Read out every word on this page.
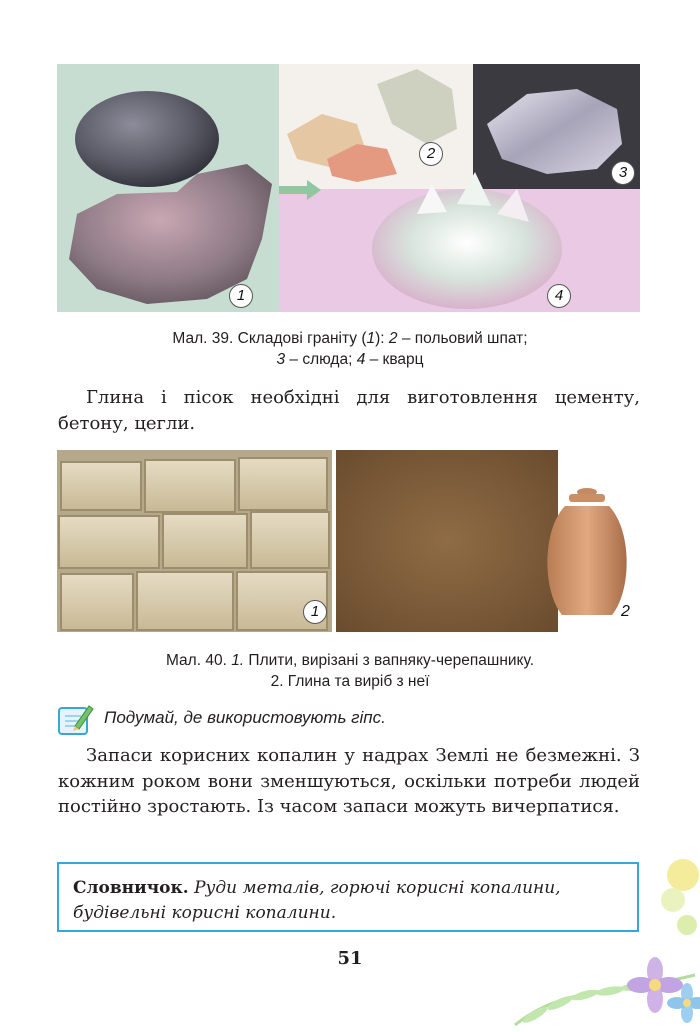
1
2
3
4
Мал. 39. Складові граніту (1): 2 – польовий шпат;
3 – слюда; 4 – кварц
Глина і пісок необхідні для виготовлення цементу, бетону, цегли.
1	2
Мал. 40. 1. Плити, вирізані з вапняку-черепашнику.
2. Глина та виріб з неї
Подумай, де використовують гіпс.
Запаси корисних копалин у надрах Землі не безмежні. З кожним роком вони зменшуються, оскільки потреби людей постійно зростають. Із часом запаси можуть вичерпатися.
Словничок. Руди металів, горючі корисні копалини, будівельні корисні копалини.
51
